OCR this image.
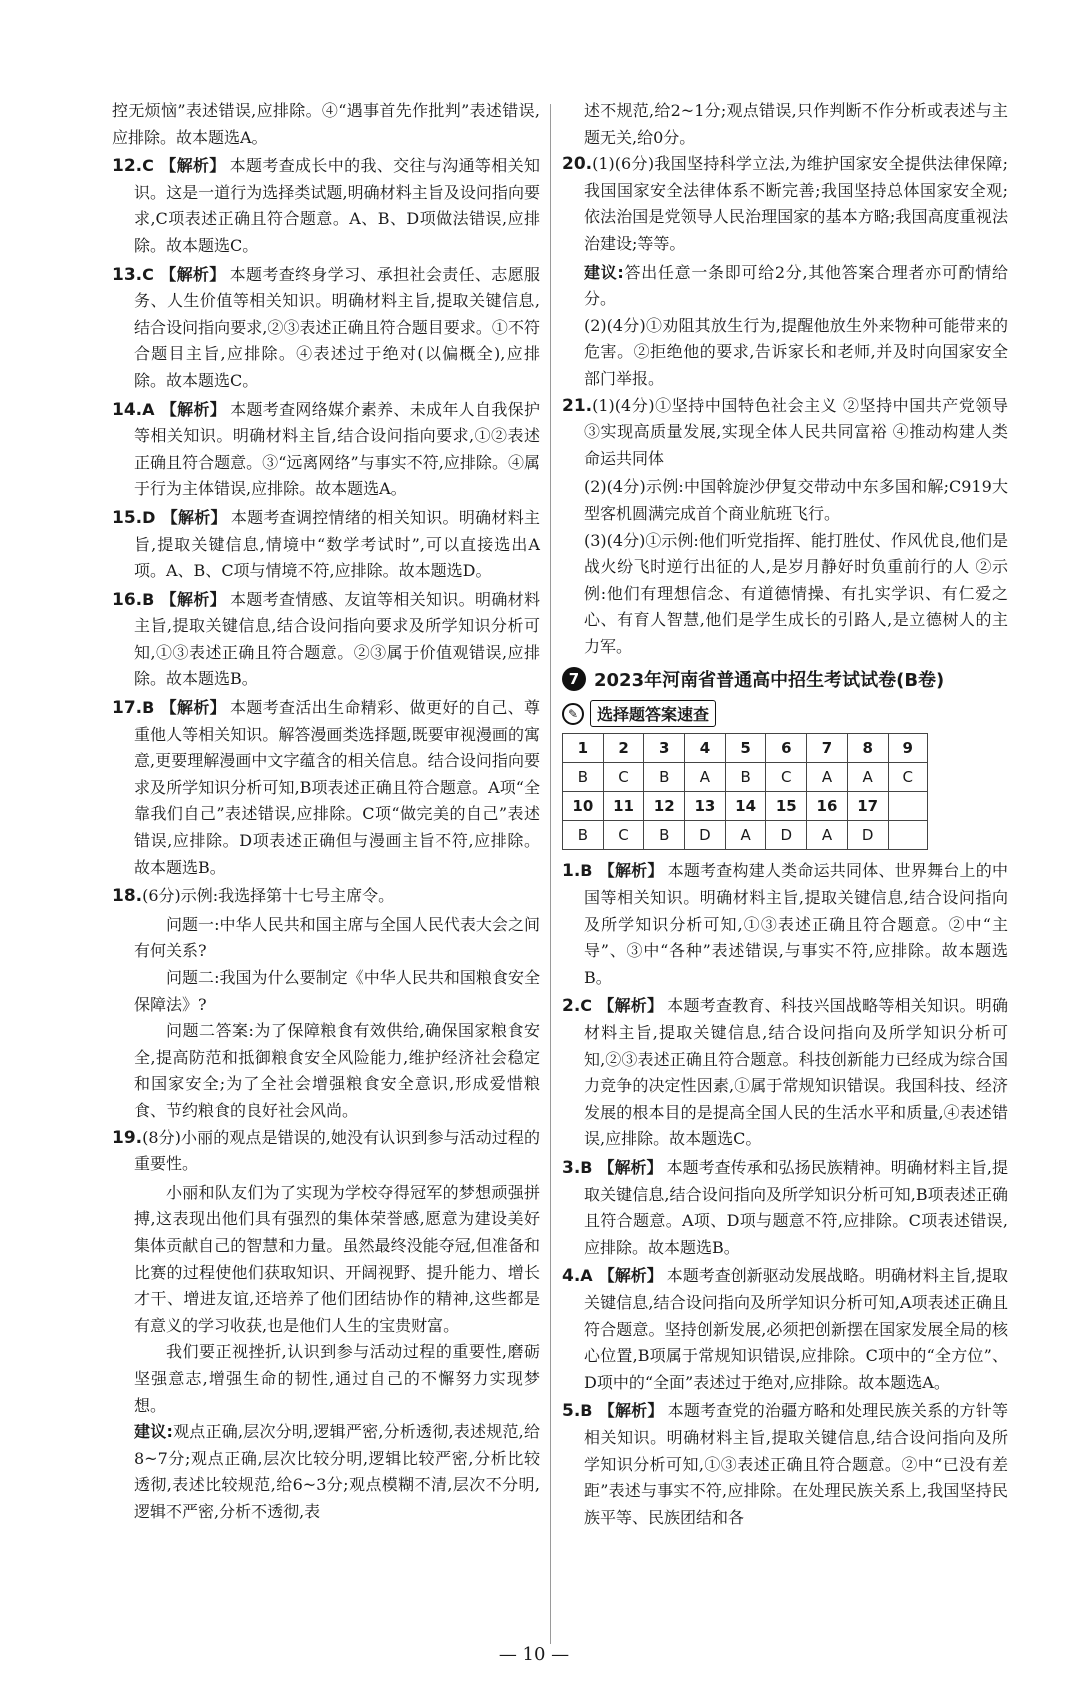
控无烦恼”表述错误,应排除。④“遇事首先作批判”表述错误,应排除。故本题选A。

12.C 【解析】 本题考查成长中的我、交往与沟通等相关知识。这是一道行为选择类试题,明确材料主旨及设问指向要求,C项表述正确且符合题意。A、B、D项做法错误,应排除。故本题选C。

13.C 【解析】 本题考查终身学习、承担社会责任、志愿服务、人生价值等相关知识。明确材料主旨,提取关键信息,结合设问指向要求,②③表述正确且符合题目要求。①不符合题目主旨,应排除。④表述过于绝对(以偏概全),应排除。故本题选C。

14.A 【解析】 本题考查网络媒介素养、未成年人自我保护等相关知识。明确材料主旨,结合设问指向要求,①②表述正确且符合题意。③“远离网络”与事实不符,应排除。④属于行为主体错误,应排除。故本题选A。

15.D 【解析】 本题考查调控情绪的相关知识。明确材料主旨,提取关键信息,情境中“数学考试时”,可以直接选出A项。A、B、C项与情境不符,应排除。故本题选D。

16.B 【解析】 本题考查情感、友谊等相关知识。明确材料主旨,提取关键信息,结合设问指向要求及所学知识分析可知,①③表述正确且符合题意。②③属于价值观错误,应排除。故本题选B。

17.B 【解析】 本题考查活出生命精彩、做更好的自己、尊重他人等相关知识。解答漫画类选择题,既要审视漫画的寓意,更要理解漫画中文字蕴含的相关信息。结合设问指向要求及所学知识分析可知,B项表述正确且符合题意。A项“全靠我们自己”表述错误,应排除。C项“做完美的自己”表述错误,应排除。D项表述正确但与漫画主旨不符,应排除。故本题选B。

18.(6分)示例:我选择第十七号主席令。

问题一:中华人民共和国主席与全国人民代表大会之间有何关系?

问题二:我国为什么要制定《中华人民共和国粮食安全保障法》?

问题二答案:为了保障粮食有效供给,确保国家粮食安全,提高防范和抵御粮食安全风险能力,维护经济社会稳定和国家安全;为了全社会增强粮食安全意识,形成爱惜粮食、节约粮食的良好社会风尚。

19.(8分)小丽的观点是错误的,她没有认识到参与活动过程的重要性。

小丽和队友们为了实现为学校夺得冠军的梦想顽强拼搏,这表现出他们具有强烈的集体荣誉感,愿意为建设美好集体贡献自己的智慧和力量。虽然最终没能夺冠,但准备和比赛的过程使他们获取知识、开阔视野、提升能力、增长才干、增进友谊,还培养了他们团结协作的精神,这些都是有意义的学习收获,也是他们人生的宝贵财富。

我们要正视挫折,认识到参与活动过程的重要性,磨砺坚强意志,增强生命的韧性,通过自己的不懈努力实现梦想。

建议:观点正确,层次分明,逻辑严密,分析透彻,表述规范,给8~7分;观点正确,层次比较分明,逻辑比较严密,分析比较透彻,表述比较规范,给6~3分;观点模糊不清,层次不分明,逻辑不严密,分析不透彻,表

述不规范,给2~1分;观点错误,只作判断不作分析或表述与主题无关,给0分。

20.(1)(6分)我国坚持科学立法,为维护国家安全提供法律保障;我国国家安全法律体系不断完善;我国坚持总体国家安全观;依法治国是党领导人民治理国家的基本方略;我国高度重视法治建设;等等。

建议:答出任意一条即可给2分,其他答案合理者亦可酌情给分。

(2)(4分)①劝阻其放生行为,提醒他放生外来物种可能带来的危害。②拒绝他的要求,告诉家长和老师,并及时向国家安全部门举报。

21.(1)(4分)①坚持中国特色社会主义 ②坚持中国共产党领导 ③实现高质量发展,实现全体人民共同富裕 ④推动构建人类命运共同体

(2)(4分)示例:中国斡旋沙伊复交带动中东多国和解;C919大型客机圆满完成首个商业航班飞行。

(3)(4分)①示例:他们听党指挥、能打胜仗、作风优良,他们是战火纷飞时逆行出征的人,是岁月静好时负重前行的人 ②示例:他们有理想信念、有道德情操、有扎实学识、有仁爱之心、有育人智慧,他们是学生成长的引路人,是立德树人的主力军。

7 2023年河南省普通高中招生考试试卷(B卷)
✎	选择题答案速查
1	2	3	4	5	6	7	8	9
B	C	B	A	B	C	A	A	C
10	11	12	13	14	15	16	17	
B	C	B	D	A	D	A	D	

1.B 【解析】 本题考查构建人类命运共同体、世界舞台上的中国等相关知识。明确材料主旨,提取关键信息,结合设问指向及所学知识分析可知,①③表述正确且符合题意。②中“主导”、③中“各种”表述错误,与事实不符,应排除。故本题选B。

2.C 【解析】 本题考查教育、科技兴国战略等相关知识。明确材料主旨,提取关键信息,结合设问指向及所学知识分析可知,②③表述正确且符合题意。科技创新能力已经成为综合国力竞争的决定性因素,①属于常规知识错误。我国科技、经济发展的根本目的是提高全国人民的生活水平和质量,④表述错误,应排除。故本题选C。

3.B 【解析】 本题考查传承和弘扬民族精神。明确材料主旨,提取关键信息,结合设问指向及所学知识分析可知,B项表述正确且符合题意。A项、D项与题意不符,应排除。C项表述错误,应排除。故本题选B。

4.A 【解析】 本题考查创新驱动发展战略。明确材料主旨,提取关键信息,结合设问指向及所学知识分析可知,A项表述正确且符合题意。坚持创新发展,必须把创新摆在国家发展全局的核心位置,B项属于常规知识错误,应排除。C项中的“全方位”、D项中的“全面”表述过于绝对,应排除。故本题选A。

5.B 【解析】 本题考查党的治疆方略和处理民族关系的方针等相关知识。明确材料主旨,提取关键信息,结合设问指向及所学知识分析可知,①③表述正确且符合题意。②中“已没有差距”表述与事实不符,应排除。在处理民族关系上,我国坚持民族平等、民族团结和各

— 10 —
